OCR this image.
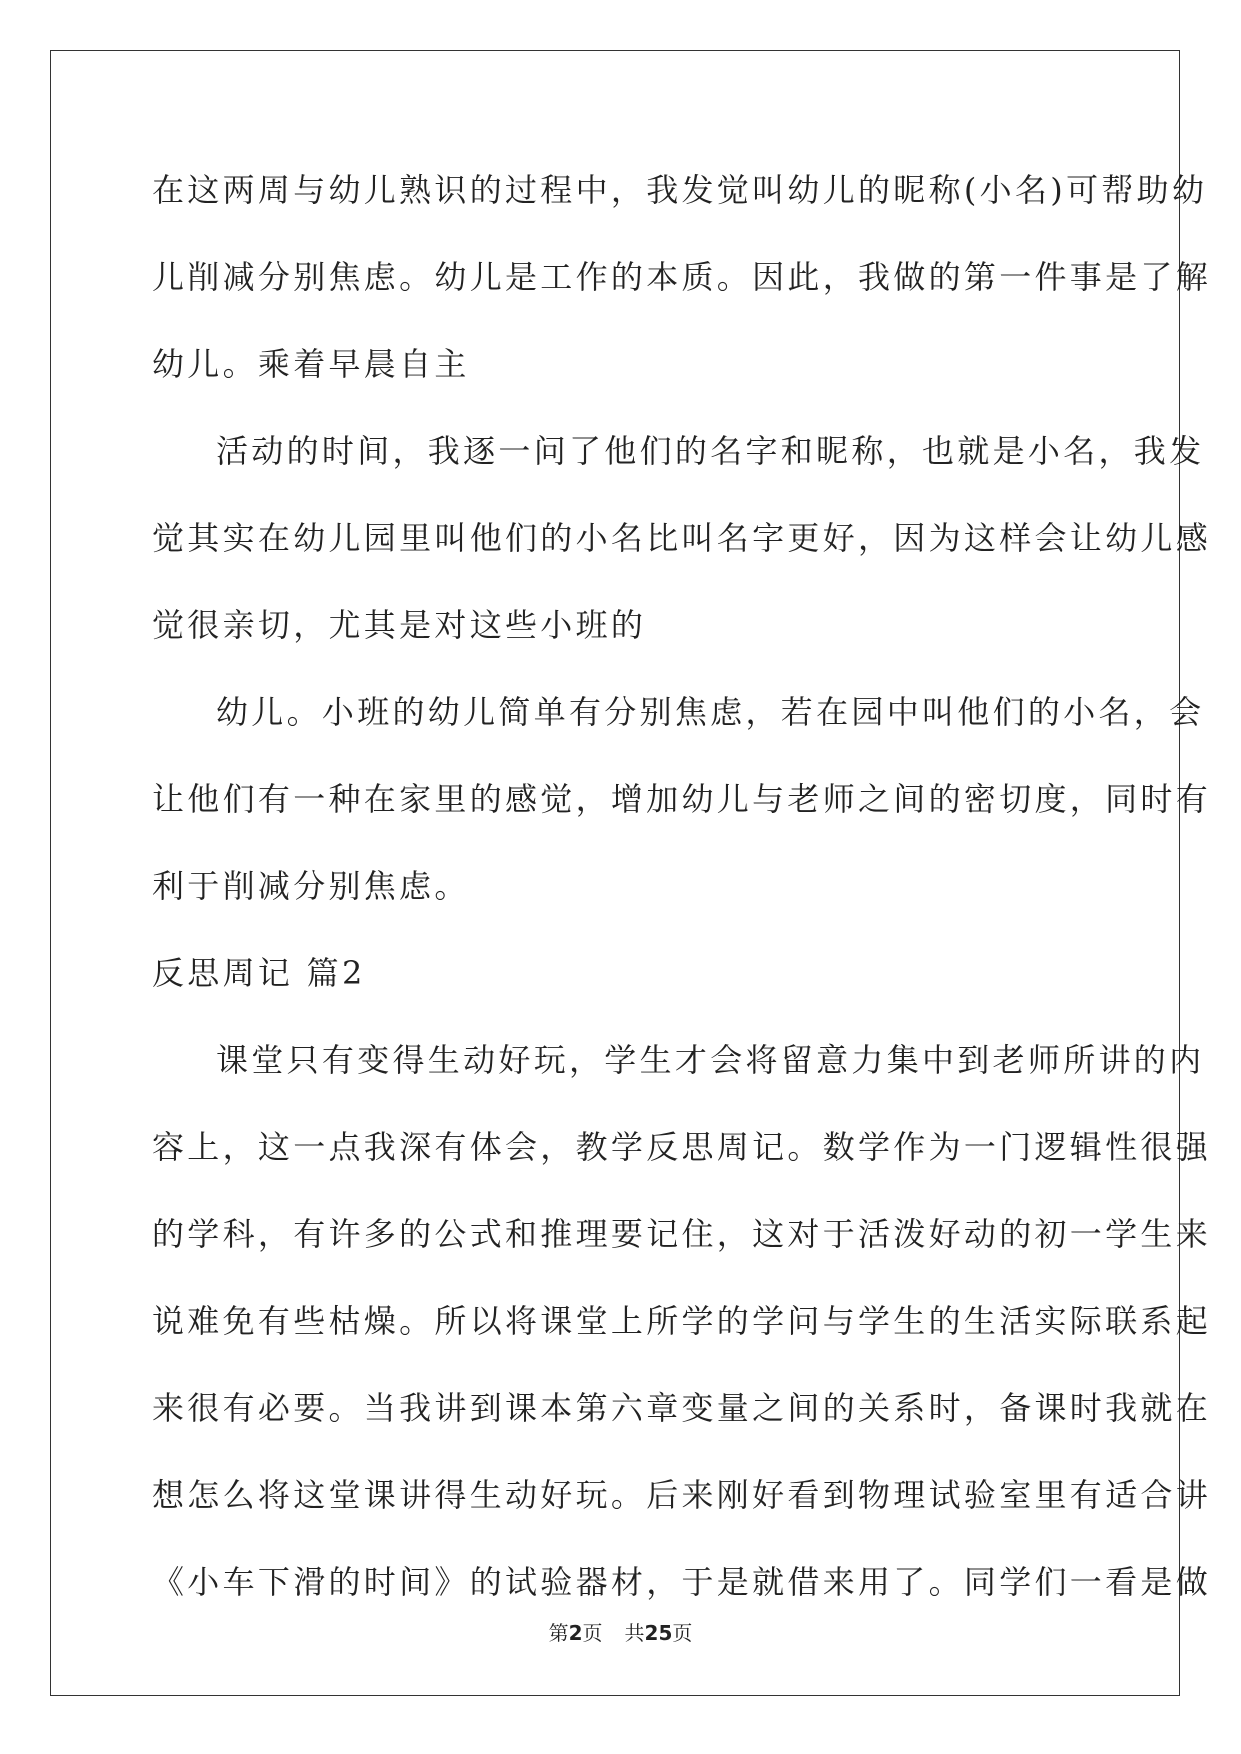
在这两周与幼儿熟识的过程中，我发觉叫幼儿的昵称(小名)可帮助幼
儿削减分别焦虑。幼儿是工作的本质。因此，我做的第一件事是了解
幼儿。乘着早晨自主
活动的时间，我逐一问了他们的名字和昵称，也就是小名，我发
觉其实在幼儿园里叫他们的小名比叫名字更好，因为这样会让幼儿感
觉很亲切，尤其是对这些小班的
幼儿。小班的幼儿简单有分别焦虑，若在园中叫他们的小名，会
让他们有一种在家里的感觉，增加幼儿与老师之间的密切度，同时有
利于削减分别焦虑。
反思周记 篇2
课堂只有变得生动好玩，学生才会将留意力集中到老师所讲的内
容上，这一点我深有体会，教学反思周记。数学作为一门逻辑性很强
的学科，有许多的公式和推理要记住，这对于活泼好动的初一学生来
说难免有些枯燥。所以将课堂上所学的学问与学生的生活实际联系起
来很有必要。当我讲到课本第六章变量之间的关系时，备课时我就在
想怎么将这堂课讲得生动好玩。后来刚好看到物理试验室里有适合讲
《小车下滑的时间》的试验器材，于是就借来用了。同学们一看是做
第2页 共25页
